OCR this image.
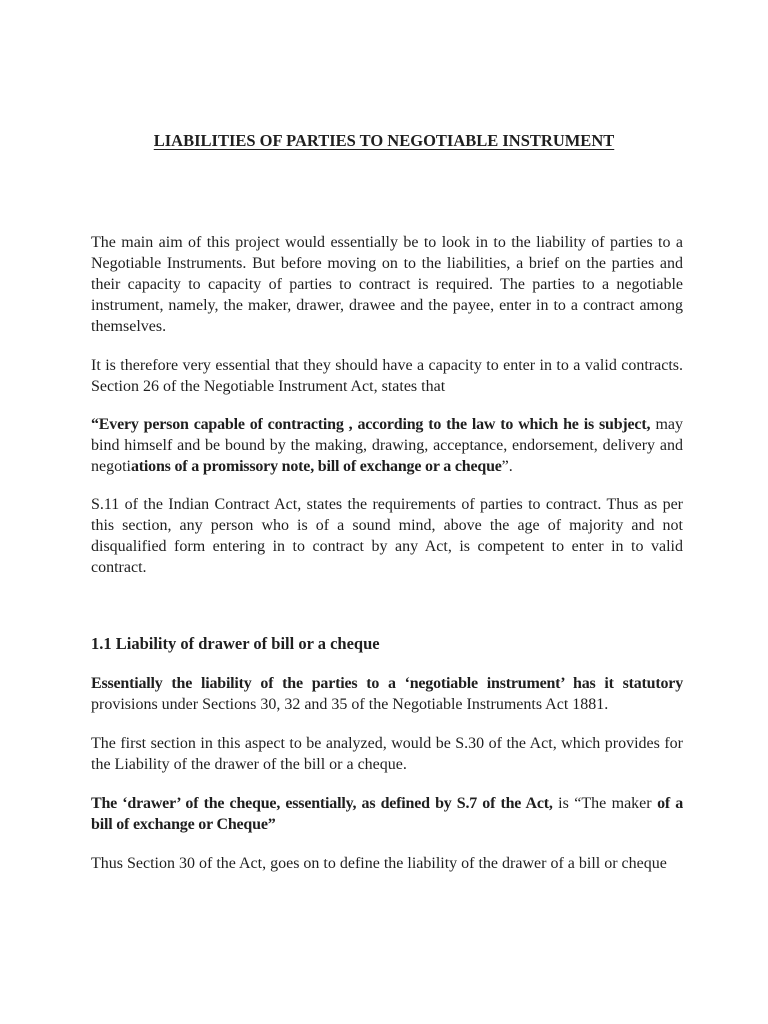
LIABILITIES OF PARTIES TO NEGOTIABLE INSTRUMENT

The main aim of this project would essentially be to look in to the liability of parties to a Negotiable Instruments. But before moving on to the liabilities, a brief on the parties and their capacity to capacity of parties to contract is required. The parties to a negotiable instrument, namely, the maker, drawer, drawee and the payee, enter in to a contract among themselves.

It is therefore very essential that they should have a capacity to enter in to a valid contracts. Section 26 of the Negotiable Instrument Act, states that

“Every person capable of contracting , according to the law to which he is subject, may bind himself and be bound by the making, drawing, acceptance, endorsement, delivery and negotiations of a promissory note, bill of exchange or a cheque”.

S.11 of the Indian Contract Act, states the requirements of parties to contract. Thus as per this section, any person who is of a sound mind, above the age of majority and not disqualified form entering in to contract by any Act, is competent to enter in to valid contract.

1.1 Liability of drawer of bill or a cheque

Essentially the liability of the parties to a ‘negotiable instrument’ has it statutory provisions under Sections 30, 32 and 35 of the Negotiable Instruments Act 1881.

The first section in this aspect to be analyzed, would be S.30 of the Act, which provides for the Liability of the drawer of the bill or a cheque.

The ‘drawer’ of the cheque, essentially, as defined by S.7 of the Act, is “The maker of a bill of exchange or Cheque”

Thus Section 30 of the Act, goes on to define the liability of the drawer of a bill or cheque
